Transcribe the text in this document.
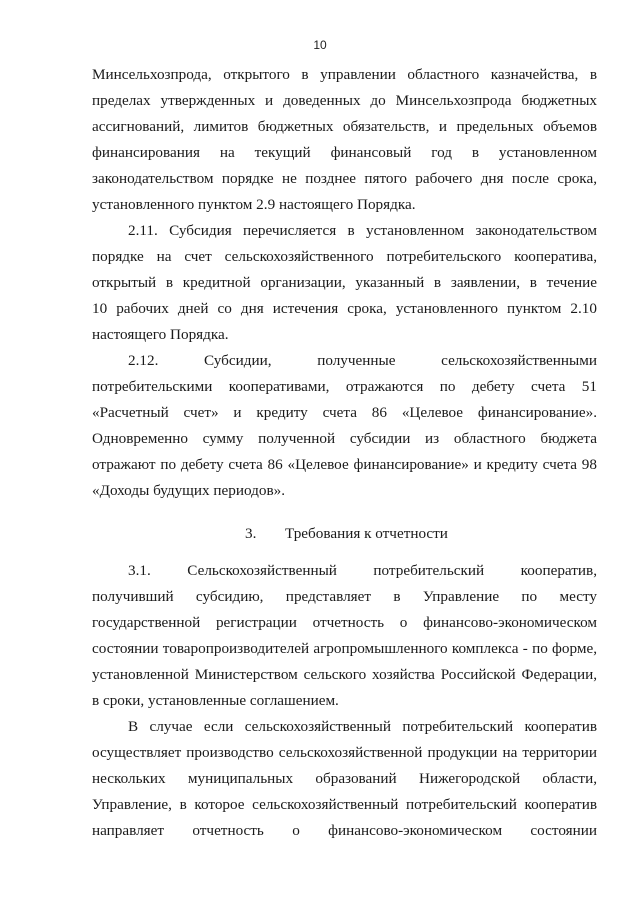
10
Минсельхозпрода, открытого в управлении областного казначейства, в
пределах утвержденных и доведенных до Минсельхозпрода бюджетных
ассигнований, лимитов бюджетных обязательств, и предельных объемов
финансирования на текущий финансовый год в установленном
законодательством порядке не позднее пятого рабочего дня после срока,
установленного пунктом 2.9 настоящего Порядка.
2.11. Субсидия перечисляется в установленном законодательством
порядке на счет сельскохозяйственного потребительского кооператива,
открытый в кредитной организации, указанный в заявлении, в течение
10 рабочих дней со дня истечения срока, установленного пунктом 2.10
настоящего Порядка.
2.12. Субсидии, полученные сельскохозяйственными
потребительскими кооперативами, отражаются по дебету счета 51
«Расчетный счет» и кредиту счета 86 «Целевое финансирование».
Одновременно сумму полученной субсидии из областного бюджета
отражают по дебету счета 86 «Целевое финансирование» и кредиту счета 98
«Доходы будущих периодов».
3. Требования к отчетности
3.1. Сельскохозяйственный потребительский кооператив,
получивший субсидию, представляет в Управление по месту
государственной регистрации отчетность о финансово-экономическом
состоянии товаропроизводителей агропромышленного комплекса - по форме,
установленной Министерством сельского хозяйства Российской Федерации,
в сроки, установленные соглашением.
В случае если сельскохозяйственный потребительский кооператив
осуществляет производство сельскохозяйственной продукции на территории
нескольких муниципальных образований Нижегородской области,
Управление, в которое сельскохозяйственный потребительский кооператив
направляет отчетность о финансово-экономическом состоянии
